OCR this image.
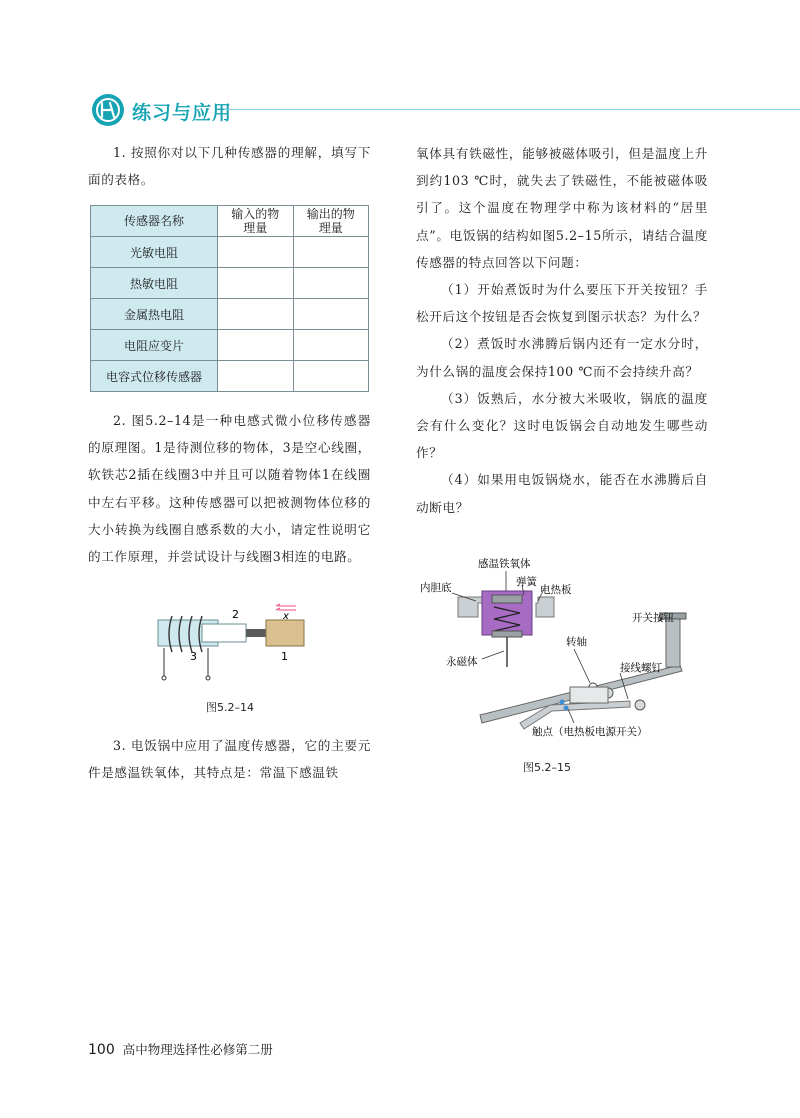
练习与应用

1. 按照你对以下几种传感器的理解，填写下面的表格。

传感器名称	输入的物理量	输出的物理量

光敏电阻		
热敏电阻		
金属热电阻		
电阻应变片		
电容式位移传感器		

2. 图5.2–14是一种电感式微小位移传感器的原理图。1是待测位移的物体，3是空心线圈，软铁芯2插在线圈3中并且可以随着物体1在线圈中左右平移。这种传感器可以把被测物体位移的大小转换为线圈自感系数的大小，请定性说明它的工作原理，并尝试设计与线圈3相连的电路。

x
2
1
3
图5.2–14

3. 电饭锅中应用了温度传感器，它的主要元件是感温铁氧体，其特点是：常温下感温铁

氧体具有铁磁性，能够被磁体吸引，但是温度上升到约103 ℃时，就失去了铁磁性，不能被磁体吸引了。这个温度在物理学中称为该材料的“居里点”。电饭锅的结构如图5.2–15所示，请结合温度传感器的特点回答以下问题：

（1）开始煮饭时为什么要压下开关按钮？手松开后这个按钮是否会恢复到图示状态？为什么？

（2）煮饭时水沸腾后锅内还有一定水分时，为什么锅的温度会保持100 ℃而不会持续升高？

（3）饭熟后，水分被大米吸收，锅底的温度会有什么变化？这时电饭锅会自动地发生哪些动作？

（4）如果用电饭锅烧水，能否在水沸腾后自动断电？

感温铁氧体
内胆底	弹簧
电热板
开关按钮
转轴
永磁体	接线螺钉
触点（电热板电源开关）
图5.2–15
100 高中物理选择性必修第二册
